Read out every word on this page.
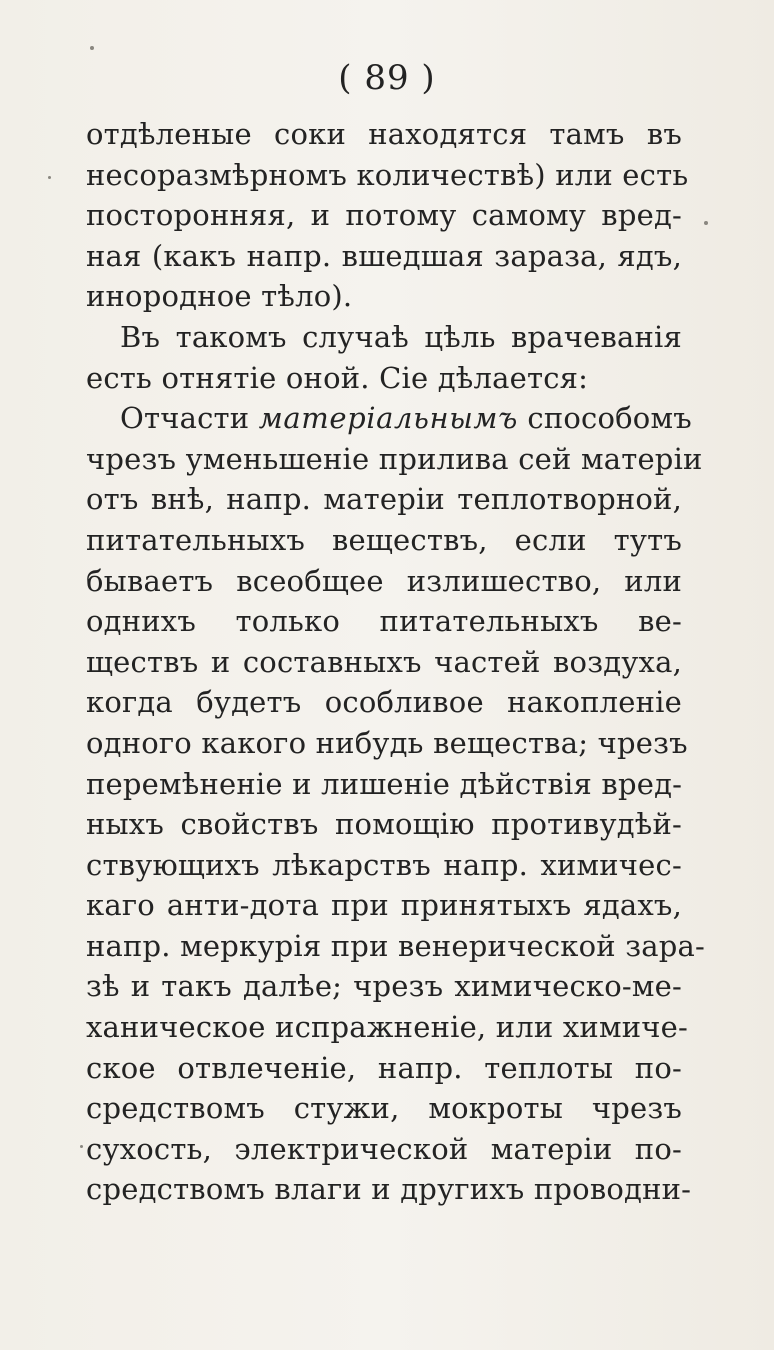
( 89 )
отдѣленые соки находятся тамъ въ
несоразмѣрномъ количествѣ) или есть
посторонняя, и потому самому вред-
ная (какъ напр. вшедшая зараза, ядъ,
инородное тѣло).
Въ такомъ случаѣ цѣль врачеванія
есть отнятіе оной. Сіе дѣлается:
Отчасти матеріальнымъ способомъ
чрезъ уменьшеніе прилива сей матеріи
отъ внѣ, напр. матеріи теплотворной,
питательныхъ веществъ, если тутъ
бываетъ всеобщее излишество, или
однихъ только питательныхъ ве-
ществъ и составныхъ частей воздуха,
когда будетъ особливое накопленіе
одного какого нибудь вещества; чрезъ
перемѣненіе и лишеніе дѣйствія вред-
ныхъ свойствъ помощію противудѣй-
ствующихъ лѣкарствъ напр. химичес-
каго анти-дота при принятыхъ ядахъ,
напр. меркурія при венерической зара-
зѣ и такъ далѣе; чрезъ химическо-ме-
ханическое испражненіе, или химиче-
ское отвлеченіе, напр. теплоты по-
средствомъ стужи, мокроты чрезъ
сухость, электрической матеріи по-
средствомъ влаги и другихъ проводни-
